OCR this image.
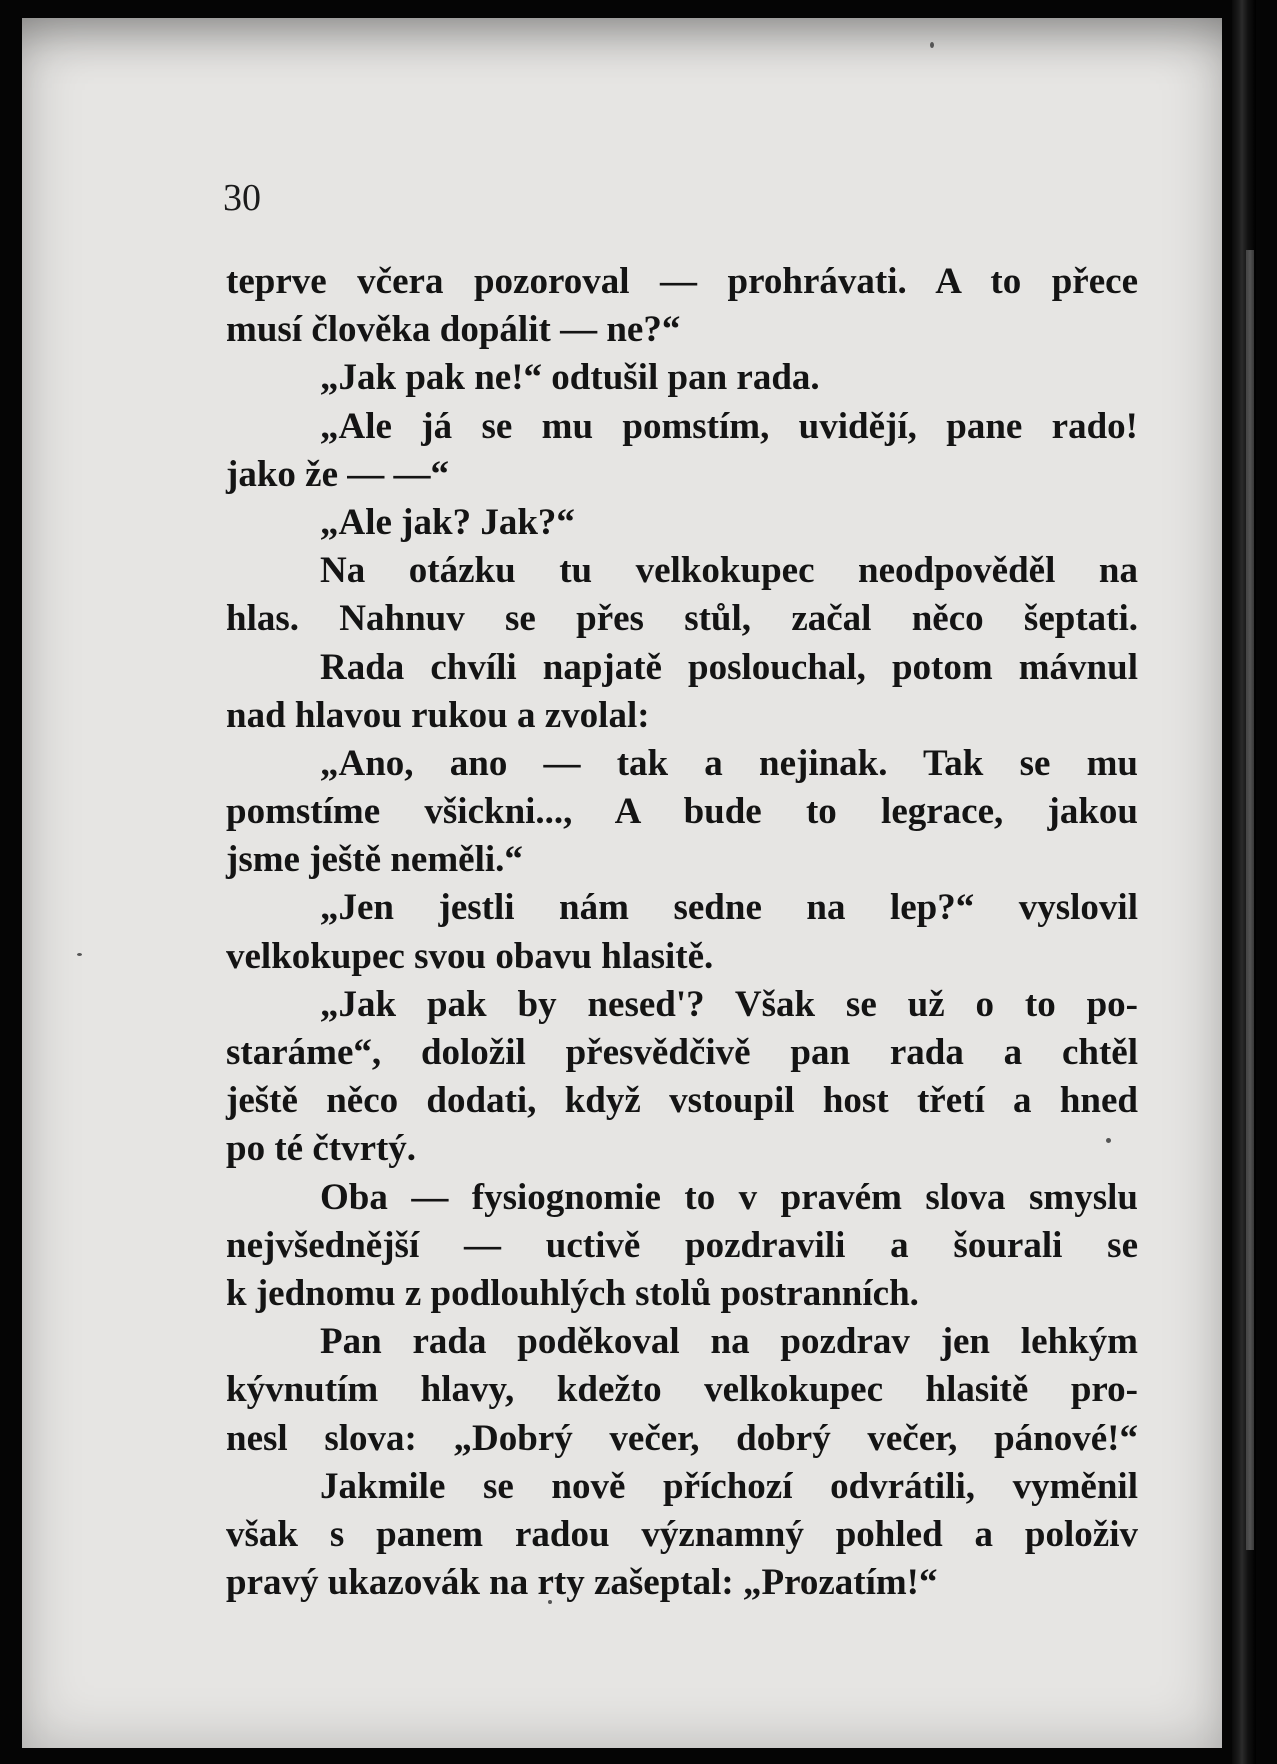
30
teprve včera pozoroval — prohrávati. A to přece
musí člověka dopálit — ne?“
„Jak pak ne!“ odtušil pan rada.
„Ale já se mu pomstím, uvidějí, pane rado!
jako že — —“
„Ale jak? Jak?“
Na otázku tu velkokupec neodpověděl na
hlas. Nahnuv se přes stůl, začal něco šeptati.
Rada chvíli napjatě poslouchal, potom mávnul
nad hlavou rukou a zvolal:
„Ano, ano — tak a nejinak. Tak se mu
pomstíme všickni..., A bude to legrace, jakou
jsme ještě neměli.“
„Jen jestli nám sedne na lep?“ vyslovil
velkokupec svou obavu hlasitě.
„Jak pak by nesed'? Však se už o to po-
staráme“, doložil přesvědčivě pan rada a chtěl
ještě něco dodati, když vstoupil host třetí a hned
po té čtvrtý.
Oba — fysiognomie to v pravém slova smyslu
nejvšednější — uctivě pozdravili a šourali se
k jednomu z podlouhlých stolů postranních.
Pan rada poděkoval na pozdrav jen lehkým
kývnutím hlavy, kdežto velkokupec hlasitě pro-
nesl slova: „Dobrý večer, dobrý večer, pánové!“
Jakmile se nově příchozí odvrátili, vyměnil
však s panem radou významný pohled a položiv
pravý ukazovák na rty zašeptal: „Prozatím!“
